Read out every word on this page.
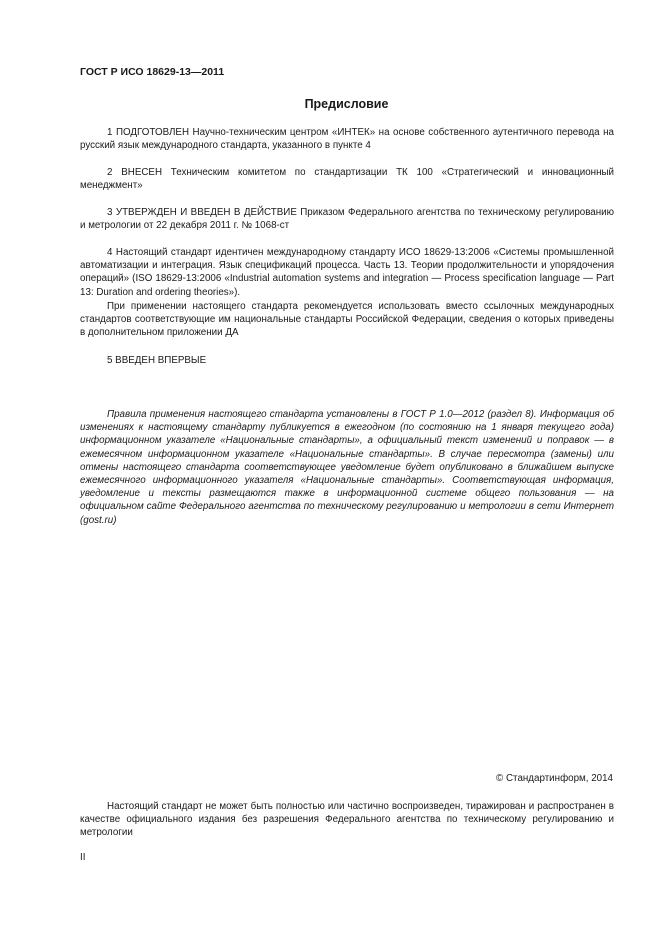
ГОСТ Р ИСО 18629-13—2011
Предисловие

1 ПОДГОТОВЛЕН Научно-техническим центром «ИНТЕК» на основе собственного аутентичного перевода на русский язык международного стандарта, указанного в пункте 4

2 ВНЕСЕН Техническим комитетом по стандартизации ТК 100 «Стратегический и инновационный менеджмент»

3 УТВЕРЖДЕН И ВВЕДЕН В ДЕЙСТВИЕ Приказом Федерального агентства по техническому регулированию и метрологии от 22 декабря 2011 г. № 1068-ст

4 Настоящий стандарт идентичен международному стандарту ИСО 18629-13:2006 «Системы промышленной автоматизации и интеграция. Язык спецификаций процесса. Часть 13. Теории продолжительности и упорядочения операций» (ISO 18629-13:2006 «Industrial automation systems and integration — Process specification language — Part 13: Duration and ordering theories»).

При применении настоящего стандарта рекомендуется использовать вместо ссылочных международных стандартов соответствующие им национальные стандарты Российской Федерации, сведения о которых приведены в дополнительном приложении ДА

5 ВВЕДЕН ВПЕРВЫЕ

Правила применения настоящего стандарта установлены в ГОСТ Р 1.0—2012 (раздел 8). Информация об изменениях к настоящему стандарту публикуется в ежегодном (по состоянию на 1 января текущего года) информационном указателе «Национальные стандарты», а официальный текст изменений и поправок — в ежемесячном информационном указателе «Национальные стандарты». В случае пересмотра (замены) или отмены настоящего стандарта соответствующее уведомление будет опубликовано в ближайшем выпуске ежемесячного информационного указателя «Национальные стандарты». Соответствующая информация, уведомление и тексты размещаются также в информационной системе общего пользования — на официальном сайте Федерального агентства по техническому регулированию и метрологии в сети Интернет (gost.ru)

© Стандартинформ, 2014

Настоящий стандарт не может быть полностью или частично воспроизведен, тиражирован и распространен в качестве официального издания без разрешения Федерального агентства по техническому регулированию и метрологии

II
